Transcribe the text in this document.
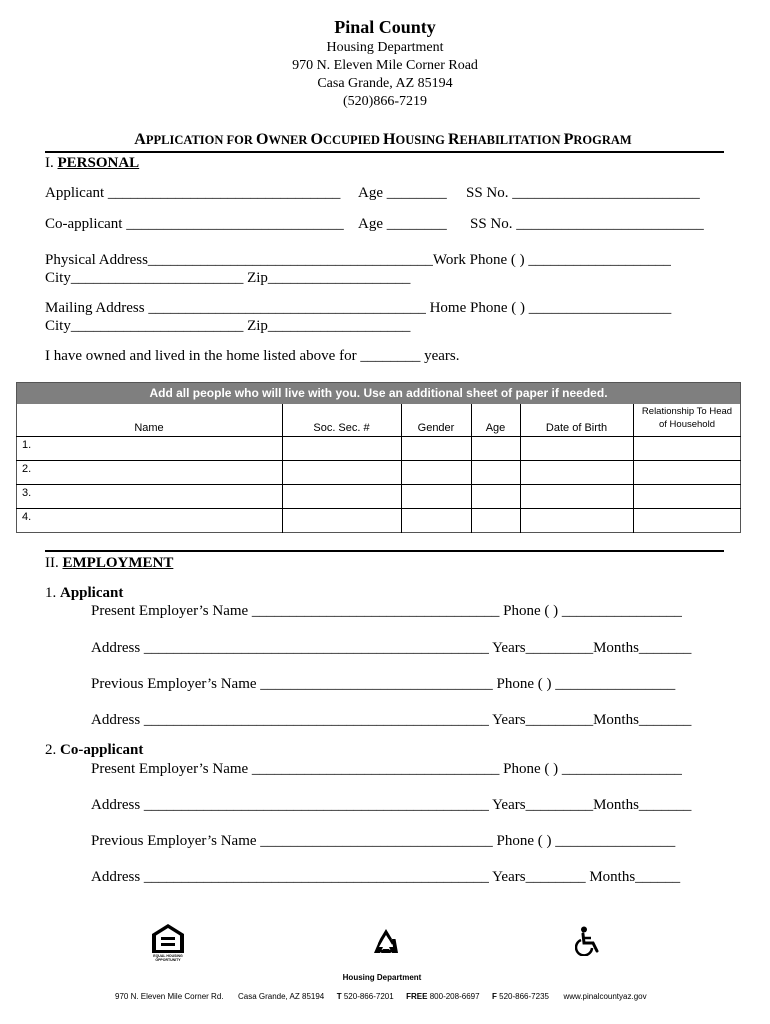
Pinal County
Housing Department
970 N. Eleven Mile Corner Road
Casa Grande, AZ 85194
(520)866-7219
APPLICATION FOR OWNER OCCUPIED HOUSING REHABILITATION PROGRAM
I. PERSONAL
Applicant _______________________________ Age ________ SS No. _________________________
Co-applicant _____________________________ Age ________ SS No. _________________________
Physical Address______________________________________Work Phone ( ) ___________________
City_______________________ Zip___________________
Mailing Address _____________________________________ Home Phone ( ) ___________________
City_______________________ Zip___________________
I have owned and lived in the home listed above for ________ years.
Add all people who will live with you. Use an additional sheet of paper if needed.
Name	Soc. Sec. #	Gender	Age	Date of Birth
Relationship To Head
of Household
1.
2.
3.
4.
II. EMPLOYMENT
1. Applicant
Present Employer’s Name _________________________________ Phone ( ) ________________
Address ______________________________________________ Years_________Months_______
Previous Employer’s Name _______________________________ Phone ( ) ________________
Address ______________________________________________ Years_________Months_______
2. Co-applicant
Present Employer’s Name _________________________________ Phone ( ) ________________
Address ______________________________________________ Years_________Months_______
Previous Employer’s Name _______________________________ Phone ( ) ________________
Address ______________________________________________ Years________ Months______
EQUAL HOUSING OPPORTUNITY
Housing Department
970 N. Eleven Mile Corner Rd. Casa Grande, AZ 85194 T 520-866-7201 FREE 800-208-6697 F 520-866-7235 www.pinalcountyaz.gov
